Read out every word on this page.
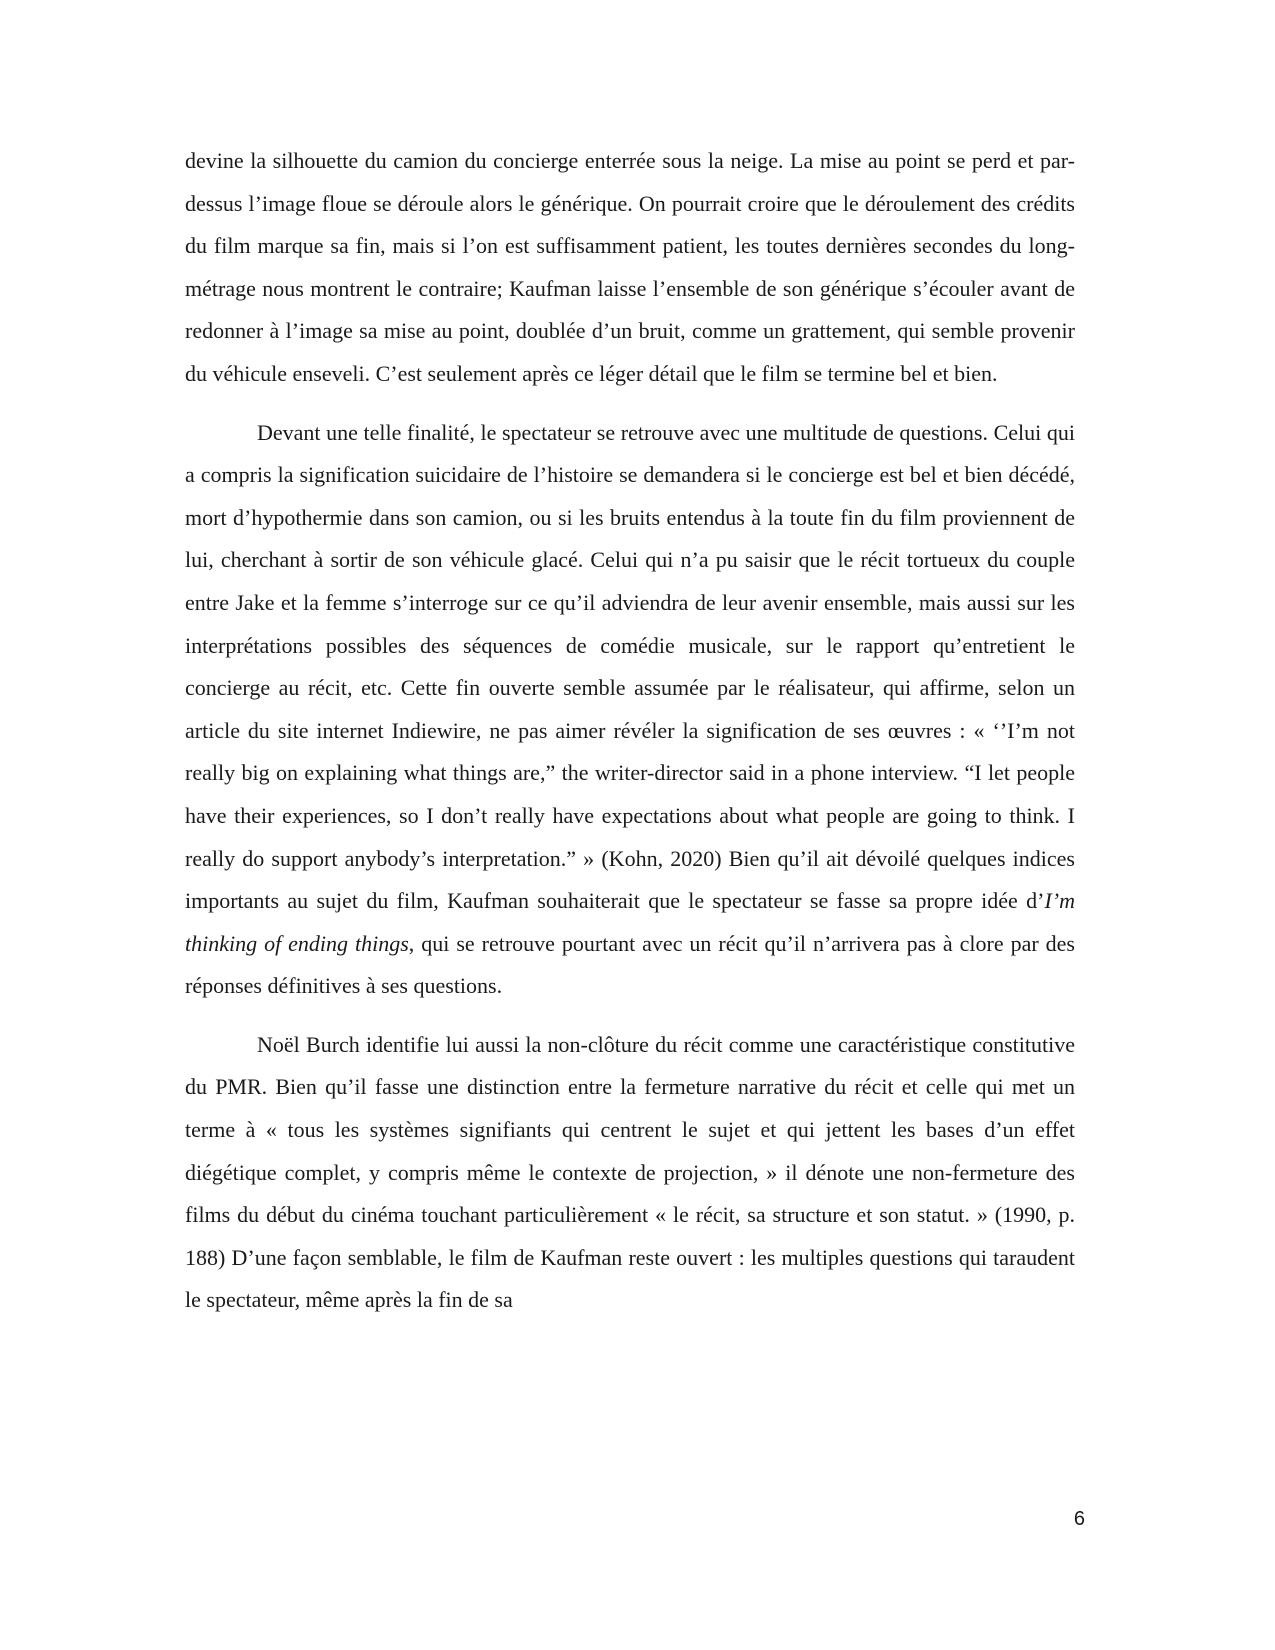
devine la silhouette du camion du concierge enterrée sous la neige. La mise au point se perd et par-dessus l’image floue se déroule alors le générique. On pourrait croire que le déroulement des crédits du film marque sa fin, mais si l’on est suffisamment patient, les toutes dernières secondes du long-métrage nous montrent le contraire; Kaufman laisse l’ensemble de son générique s’écouler avant de redonner à l’image sa mise au point, doublée d’un bruit, comme un grattement, qui semble provenir du véhicule enseveli. C’est seulement après ce léger détail que le film se termine bel et bien.

Devant une telle finalité, le spectateur se retrouve avec une multitude de questions. Celui qui a compris la signification suicidaire de l’histoire se demandera si le concierge est bel et bien décédé, mort d’hypothermie dans son camion, ou si les bruits entendus à la toute fin du film proviennent de lui, cherchant à sortir de son véhicule glacé. Celui qui n’a pu saisir que le récit tortueux du couple entre Jake et la femme s’interroge sur ce qu’il adviendra de leur avenir ensemble, mais aussi sur les interprétations possibles des séquences de comédie musicale, sur le rapport qu’entretient le concierge au récit, etc. Cette fin ouverte semble assumée par le réalisateur, qui affirme, selon un article du site internet Indiewire, ne pas aimer révéler la signification de ses œuvres : « ‘’I’m not really big on explaining what things are,” the writer-director said in a phone interview. “I let people have their experiences, so I don’t really have expectations about what people are going to think. I really do support anybody’s interpretation.” » (Kohn, 2020) Bien qu’il ait dévoilé quelques indices importants au sujet du film, Kaufman souhaiterait que le spectateur se fasse sa propre idée d’I’m thinking of ending things, qui se retrouve pourtant avec un récit qu’il n’arrivera pas à clore par des réponses définitives à ses questions.

Noël Burch identifie lui aussi la non-clôture du récit comme une caractéristique constitutive du PMR. Bien qu’il fasse une distinction entre la fermeture narrative du récit et celle qui met un terme à « tous les systèmes signifiants qui centrent le sujet et qui jettent les bases d’un effet diégétique complet, y compris même le contexte de projection, » il dénote une non-fermeture des films du début du cinéma touchant particulièrement « le récit, sa structure et son statut. » (1990, p. 188) D’une façon semblable, le film de Kaufman reste ouvert : les multiples questions qui taraudent le spectateur, même après la fin de sa

6
